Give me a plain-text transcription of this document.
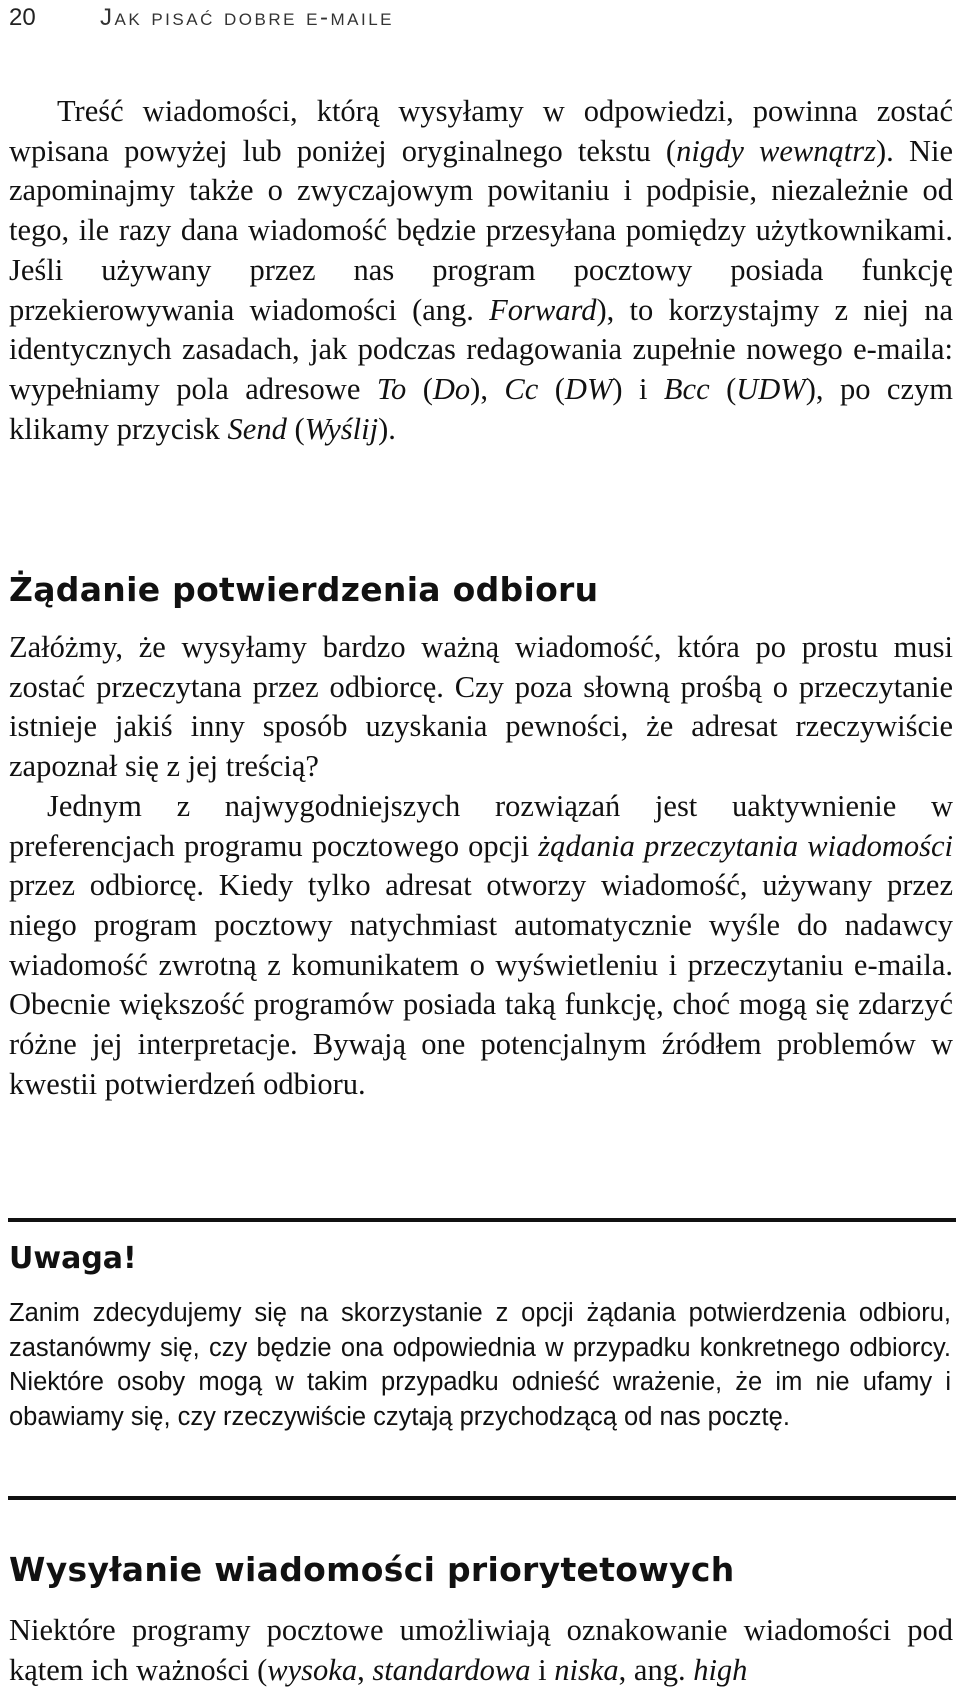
20	Jak pisać dobre e-maile
Treść wiadomości, którą wysyłamy w odpowiedzi, powinna zostać wpisana powyżej lub poniżej oryginalnego tekstu (nigdy wewnątrz). Nie zapominajmy także o zwyczajowym powitaniu i podpisie, niezależnie od tego, ile razy dana wiadomość będzie przesyłana pomiędzy użytkownikami. Jeśli używany przez nas program pocztowy posiada funkcję przekierowywania wiadomości (ang. Forward), to korzystajmy z niej na identycznych zasadach, jak podczas redagowania zupełnie nowego e-maila: wypełniamy pola adresowe To (Do), Cc (DW) i Bcc (UDW), po czym klikamy przycisk Send (Wyślij).
Żądanie potwierdzenia odbioru
Załóżmy, że wysyłamy bardzo ważną wiadomość, która po prostu musi zostać przeczytana przez odbiorcę. Czy poza słowną prośbą o przeczytanie istnieje jakiś inny sposób uzyskania pewności, że adresat rzeczywiście zapoznał się z jej treścią?
Jednym z najwygodniejszych rozwiązań jest uaktywnienie w preferencjach programu pocztowego opcji żądania przeczytania wiadomości przez odbiorcę. Kiedy tylko adresat otworzy wiadomość, używany przez niego program pocztowy natychmiast automatycznie wyśle do nadawcy wiadomość zwrotną z komunikatem o wyświetleniu i przeczytaniu e-maila. Obecnie większość programów posiada taką funkcję, choć mogą się zdarzyć różne jej interpretacje. Bywają one potencjalnym źródłem problemów w kwestii potwierdzeń odbioru.
Uwaga!
Zanim zdecydujemy się na skorzystanie z opcji żądania potwierdzenia odbioru, zastanówmy się, czy będzie ona odpowiednia w przypadku konkretnego odbiorcy. Niektóre osoby mogą w takim przypadku odnieść wrażenie, że im nie ufamy i obawiamy się, czy rzeczywiście czytają przychodzącą od nas pocztę.
Wysyłanie wiadomości priorytetowych
Niektóre programy pocztowe umożliwiają oznakowanie wiadomości pod kątem ich ważności (wysoka, standardowa i niska, ang. high
